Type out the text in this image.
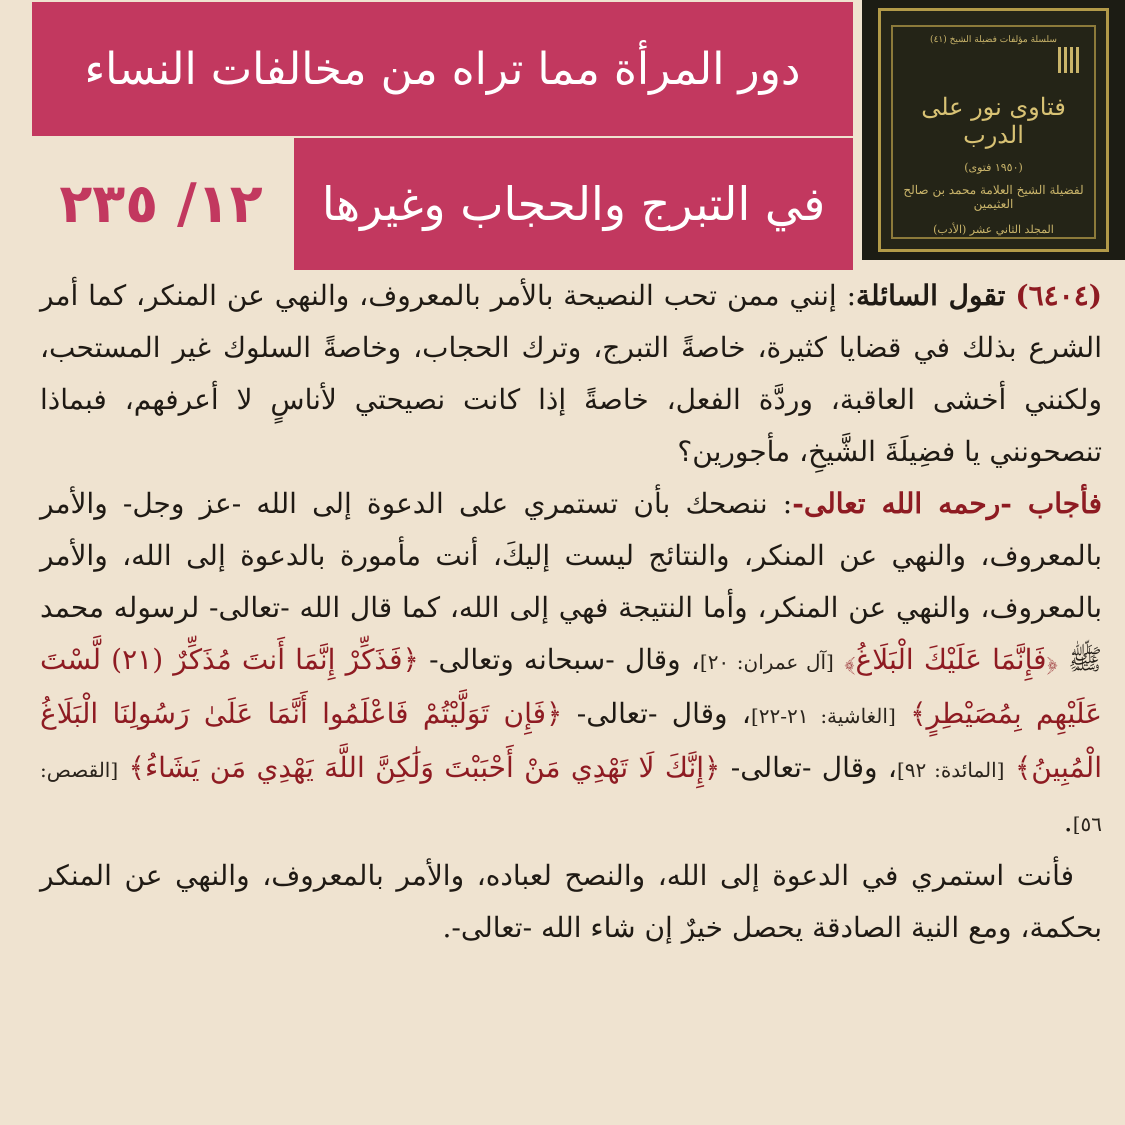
دور المرأة مما تراه من مخالفات النساء
في التبرج والحجاب وغيرها
١٢/ ٢٣٥
سلسلة مؤلفات فضيلة الشيخ (٤١)
فتاوى نور على الدرب
(١٩٥٠ فتوى)
لفضيلة الشيخ العلامة محمد بن صالح العثيمين
المجلد الثاني عشر (الأدب)

(٦٤٠٤) تقول السائلة: إنني ممن تحب النصيحة بالأمر بالمعروف، والنهي عن المنكر، كما أمر الشرع بذلك في قضايا كثيرة، خاصةً التبرج، وترك الحجاب، وخاصةً السلوك غير المستحب، ولكنني أخشى العاقبة، وردَّة الفعل، خاصةً إذا كانت نصيحتي لأناسٍ لا أعرفهم، فبماذا تنصحونني يا فضِيلَةَ الشَّيخِ، مأجورين؟

فأجاب -رحمه الله تعالى-: ننصحك بأن تستمري على الدعوة إلى الله -عز وجل- والأمر بالمعروف، والنهي عن المنكر، والنتائج ليست إليكَ، أنت مأمورة بالدعوة إلى الله، والأمر بالمعروف، والنهي عن المنكر، وأما النتيجة فهي إلى الله، كما قال الله -تعالى- لرسوله محمد ﷺ ﴿فَإِنَّمَا عَلَيْكَ الْبَلَاغُ﴾ [آل عمران: ٢٠]، وقال -سبحانه وتعالى- ﴿فَذَكِّرْ إِنَّمَا أَنتَ مُذَكِّرٌ (٢١) لَّسْتَ عَلَيْهِم بِمُصَيْطِرٍ﴾ [الغاشية: ٢١-٢٢]، وقال -تعالى- ﴿فَإِن تَوَلَّيْتُمْ فَاعْلَمُوا أَنَّمَا عَلَىٰ رَسُولِنَا الْبَلَاغُ الْمُبِينُ﴾ [المائدة: ٩٢]، وقال -تعالى- ﴿إِنَّكَ لَا تَهْدِي مَنْ أَحْبَبْتَ وَلَٰكِنَّ اللَّهَ يَهْدِي مَن يَشَاءُ﴾ [القصص: ٥٦].

فأنت استمري في الدعوة إلى الله، والنصح لعباده، والأمر بالمعروف، والنهي عن المنكر بحكمة، ومع النية الصادقة يحصل خيرٌ إن شاء الله -تعالى-.
